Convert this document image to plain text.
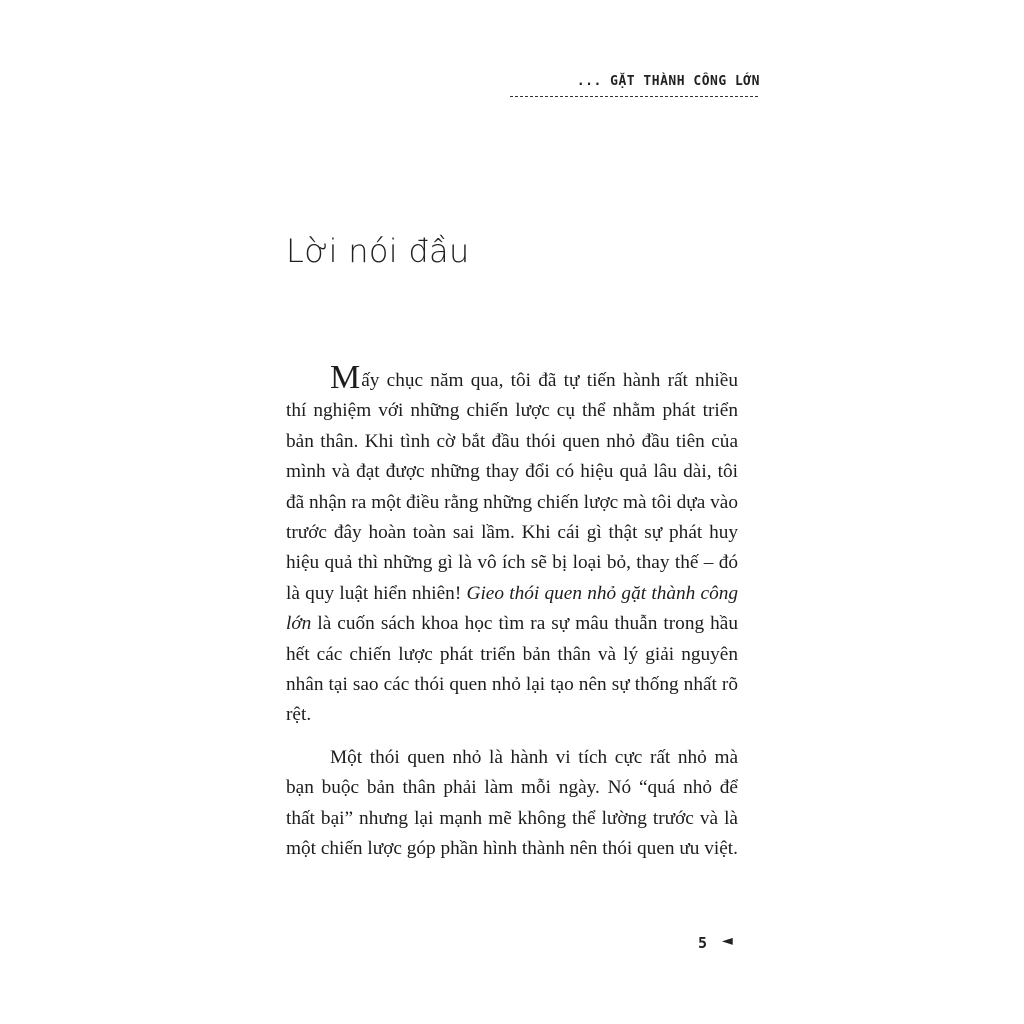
... GẶT THÀNH CÔNG LỚN
Lời nói đầu

Mấy chục năm qua, tôi đã tự tiến hành rất nhiều thí nghiệm với những chiến lược cụ thể nhằm phát triển bản thân. Khi tình cờ bắt đầu thói quen nhỏ đầu tiên của mình và đạt được những thay đổi có hiệu quả lâu dài, tôi đã nhận ra một điều rằng những chiến lược mà tôi dựa vào trước đây hoàn toàn sai lầm. Khi cái gì thật sự phát huy hiệu quả thì những gì là vô ích sẽ bị loại bỏ, thay thế – đó là quy luật hiển nhiên! Gieo thói quen nhỏ gặt thành công lớn là cuốn sách khoa học tìm ra sự mâu thuẫn trong hầu hết các chiến lược phát triển bản thân và lý giải nguyên nhân tại sao các thói quen nhỏ lại tạo nên sự thống nhất rõ rệt.

Một thói quen nhỏ là hành vi tích cực rất nhỏ mà bạn buộc bản thân phải làm mỗi ngày. Nó “quá nhỏ để thất bại” nhưng lại mạnh mẽ không thể lường trước và là một chiến lược góp phần hình thành nên thói quen ưu việt.

5 ◄
